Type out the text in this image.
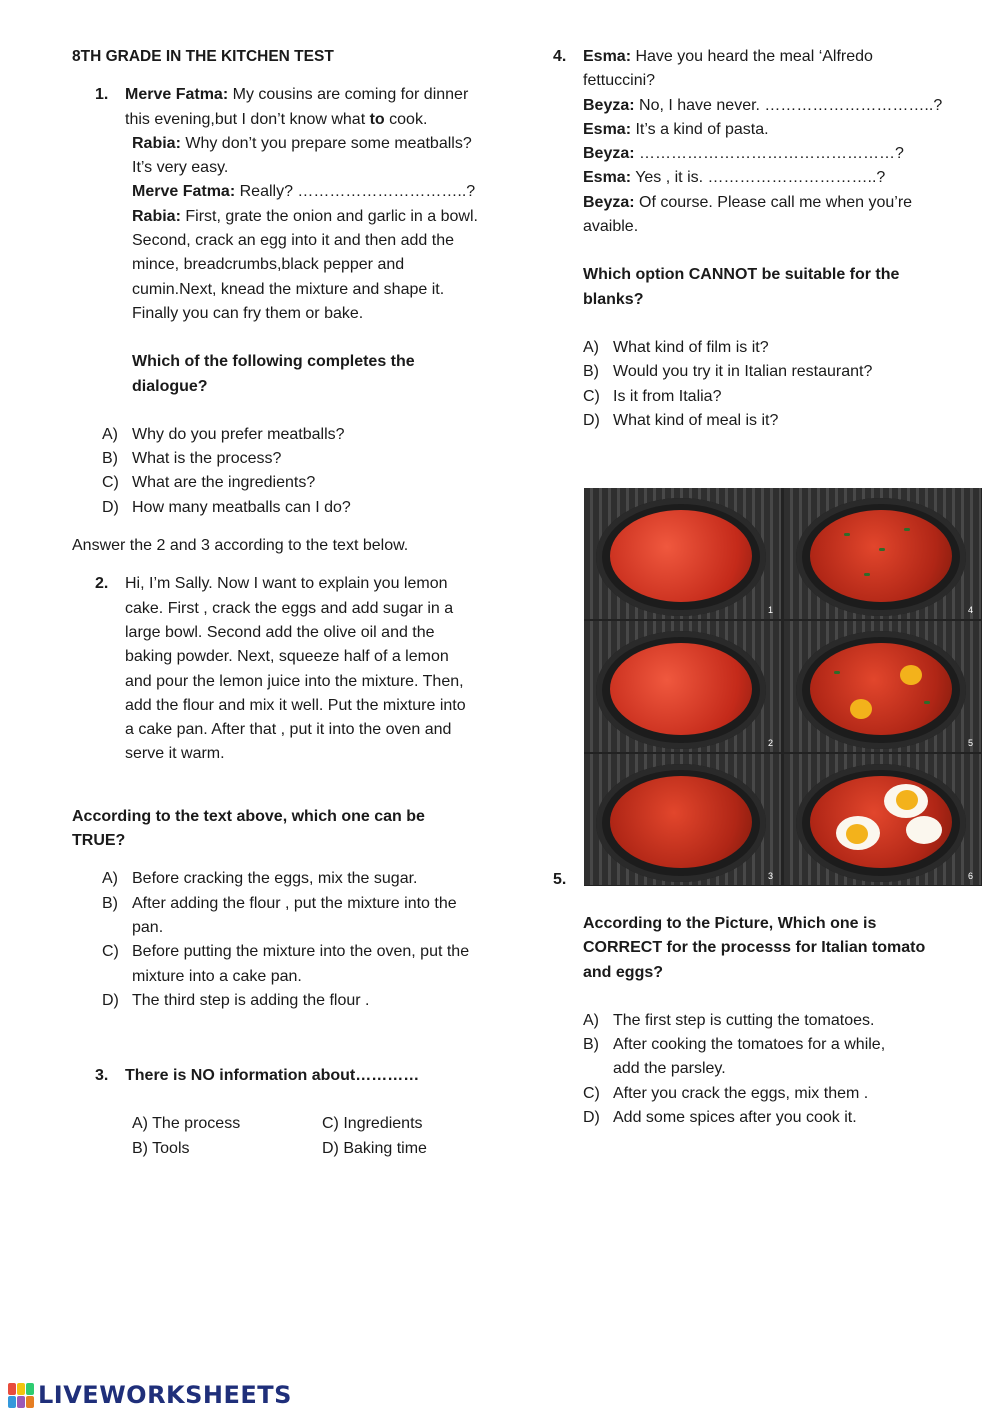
8TH GRADE IN THE KITCHEN TEST

1. Merve Fatma: My cousins are coming for dinner this evening,but I don’t know what to cook.

Rabia: Why don’t you prepare some meatballs? It’s very easy.

Merve Fatma: Really? …………………………..?

Rabia: First, grate the onion and garlic in a bowl. Second, crack an egg into it and then add the mince, breadcrumbs,black pepper and cumin.Next, knead the mixture and shape it. Finally you can fry them or bake.

Which of the following completes the dialogue?

A) Why do you prefer meatballs?
B) What is the process?
C) What are the ingredients?
D) How many meatballs can I do?

Answer the 2 and 3 according to the text below.

2. Hi, I’m Sally. Now I want to explain you lemon cake. First , crack the eggs and add sugar in a large bowl. Second add the olive oil and the baking powder. Next, squeeze half of a lemon and pour the lemon juice into the mixture. Then, add the flour and mix it well. Put the mixture into a cake pan. After that , put it into the oven and serve it warm.

According to the text above, which one can be TRUE?

A) Before cracking the eggs, mix the sugar.
B) After adding the flour , put the mixture into the pan.
C) Before putting the mixture into the oven, put the mixture into a cake pan.
D) The third step is adding the flour .
3. There is NO information about…………

A) The process	C) Ingredients
B) Tools	D) Baking time
4. Esma: Have you heard the meal ‘Alfredo fettuccini?

Beyza: No, I have never. …………………………..?

Esma: It’s a kind of pasta.

Beyza: …………………………………………?

Esma: Yes , it is. …………………………..?

Beyza: Of course. Please call me when you’re avaible.

Which option CANNOT be suitable for the blanks?

A) What kind of film is it?
B) Would you try it in Italian restaurant?
C) Is it from Italia?
D) What kind of meal is it?
5.
1	4
2	5
3	6

According to the Picture, Which one is CORRECT for the processs for Italian tomato and eggs?

A) The first step is cutting the tomatoes.
B) After cooking the tomatoes for a while, add the parsley.
C) After you crack the eggs, mix them .
D) Add some spices after you cook it.
LIVEWORKSHEETS
